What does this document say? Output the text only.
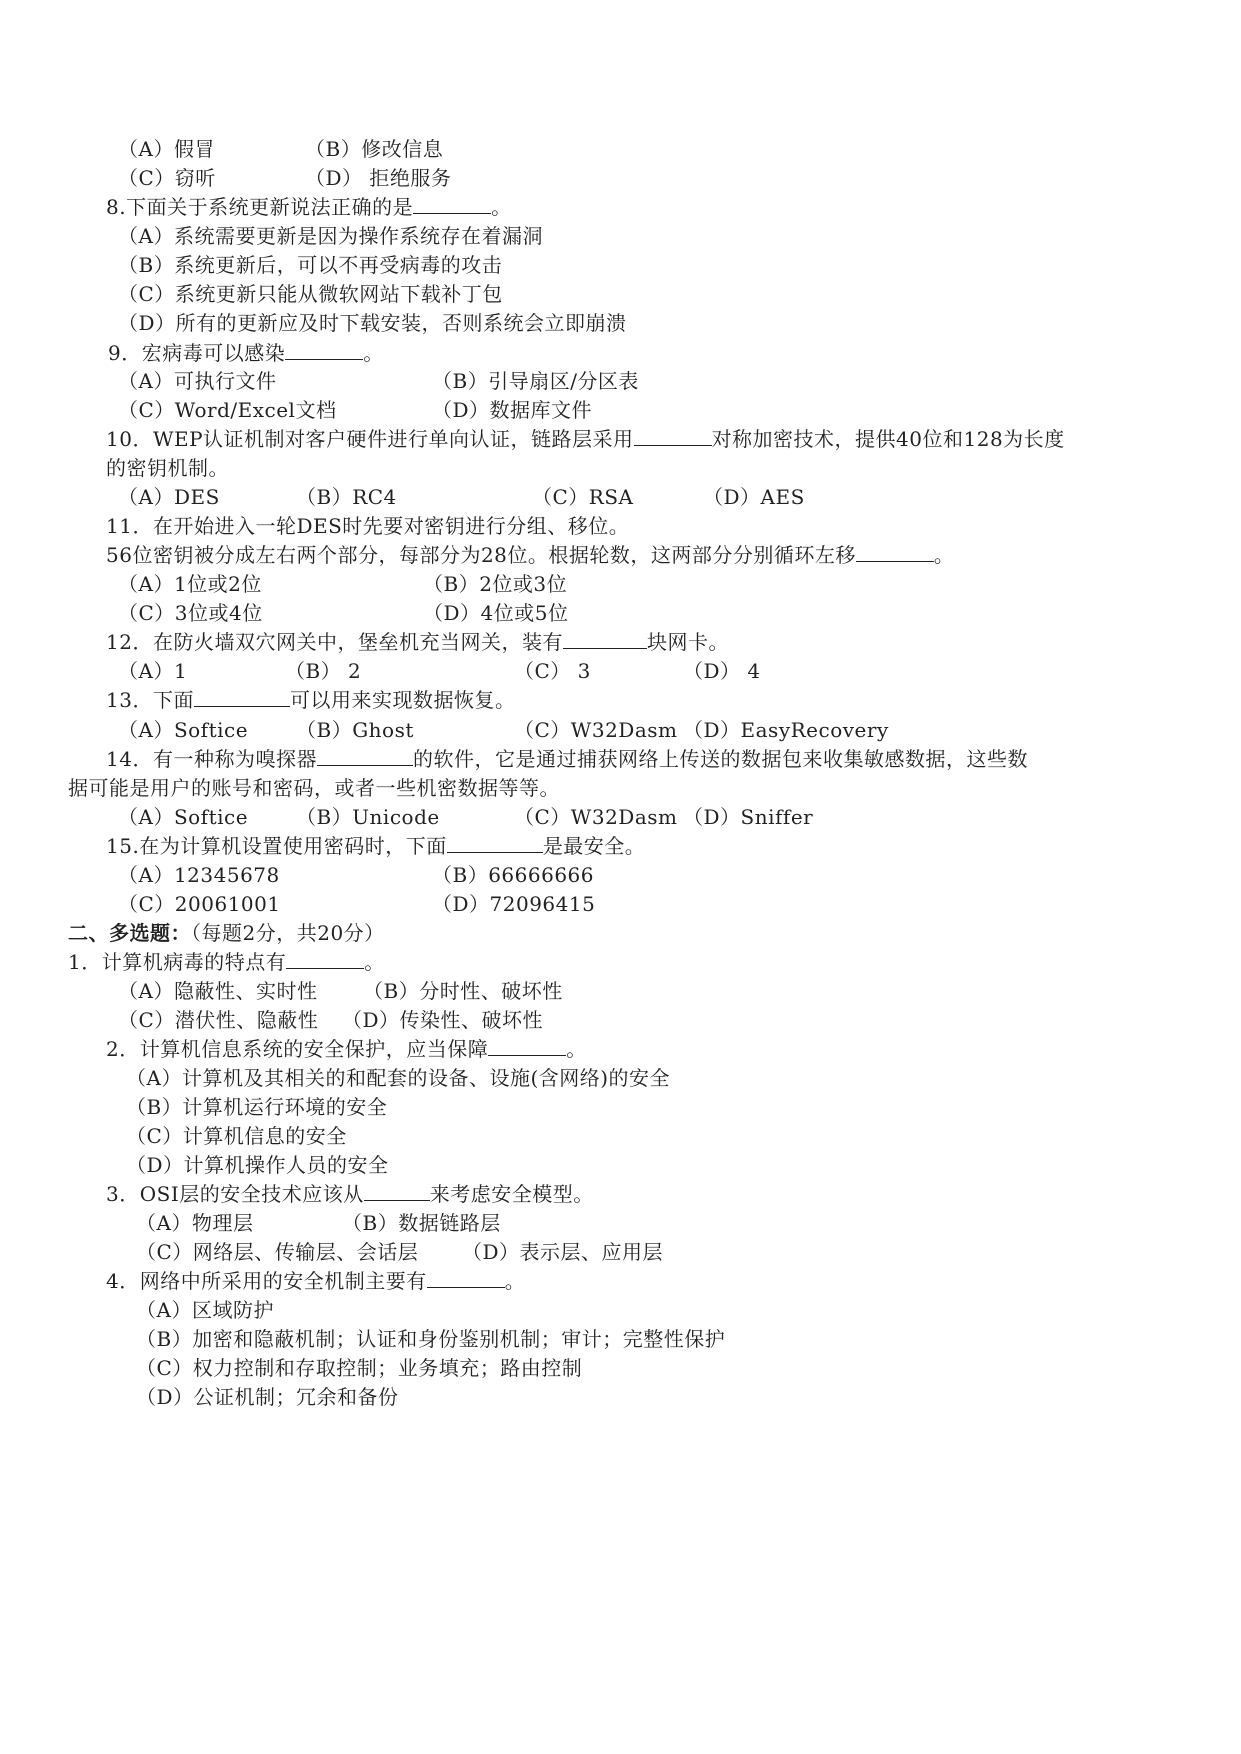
（A）假冒	（B）修改信息
（C）窃听	（D） 拒绝服务
8.下面关于系统更新说法正确的是	。
（A）系统需要更新是因为操作系统存在着漏洞
（B）系统更新后，可以不再受病毒的攻击
（C）系统更新只能从微软网站下载补丁包
（D）所有的更新应及时下载安装，否则系统会立即崩溃
9．宏病毒可以感染	。
（A）可执行文件	（B）引导扇区/分区表
（C）Word/Excel文档	（D）数据库文件
10．WEP认证机制对客户硬件进行单向认证，链路层采用	对称加密技术，提供40位和128为长度
的密钥机制。
（A）DES	（B）RC4	（C）RSA	（D）AES
11．在开始进入一轮DES时先要对密钥进行分组、移位。
56位密钥被分成左右两个部分，每部分为28位。根据轮数，这两部分分别循环左移	。
（A）1位或2位	（B）2位或3位
（C）3位或4位	（D）4位或5位
12．在防火墙双穴网关中，堡垒机充当网关，装有	块网卡。
（A）1	（B） 2	（C） 3	（D） 4
13．下面	可以用来实现数据恢复。
（A）Softice （B）Ghost	（C）W32Dasm （D）EasyRecovery
14．有一种称为嗅探器	的软件，它是通过捕获网络上传送的数据包来收集敏感数据，这些数
据可能是用户的账号和密码，或者一些机密数据等等。
（A）Softice （B）Unicode	（C）W32Dasm （D）Sniffer
15.在为计算机设置使用密码时，下面	是最安全。
（A）12345678	（B）66666666
（C）20061001	（D）72096415
二、多选题：（每题2分，共20分）
1．计算机病毒的特点有	。
（A）隐蔽性、实时性 （B）分时性、破坏性
（C）潜伏性、隐蔽性 （D）传染性、破坏性
2．计算机信息系统的安全保护，应当保障	。
（A）计算机及其相关的和配套的设备、设施(含网络)的安全
（B）计算机运行环境的安全
（C）计算机信息的安全
（D）计算机操作人员的安全
3．OSI层的安全技术应该从	来考虑安全模型。
（A）物理层	（B）数据链路层
（C）网络层、传输层、会话层 （D）表示层、应用层
4．网络中所采用的安全机制主要有	。
（A）区域防护
（B）加密和隐蔽机制；认证和身份鉴别机制；审计；完整性保护
（C）权力控制和存取控制；业务填充；路由控制
（D）公证机制；冗余和备份
